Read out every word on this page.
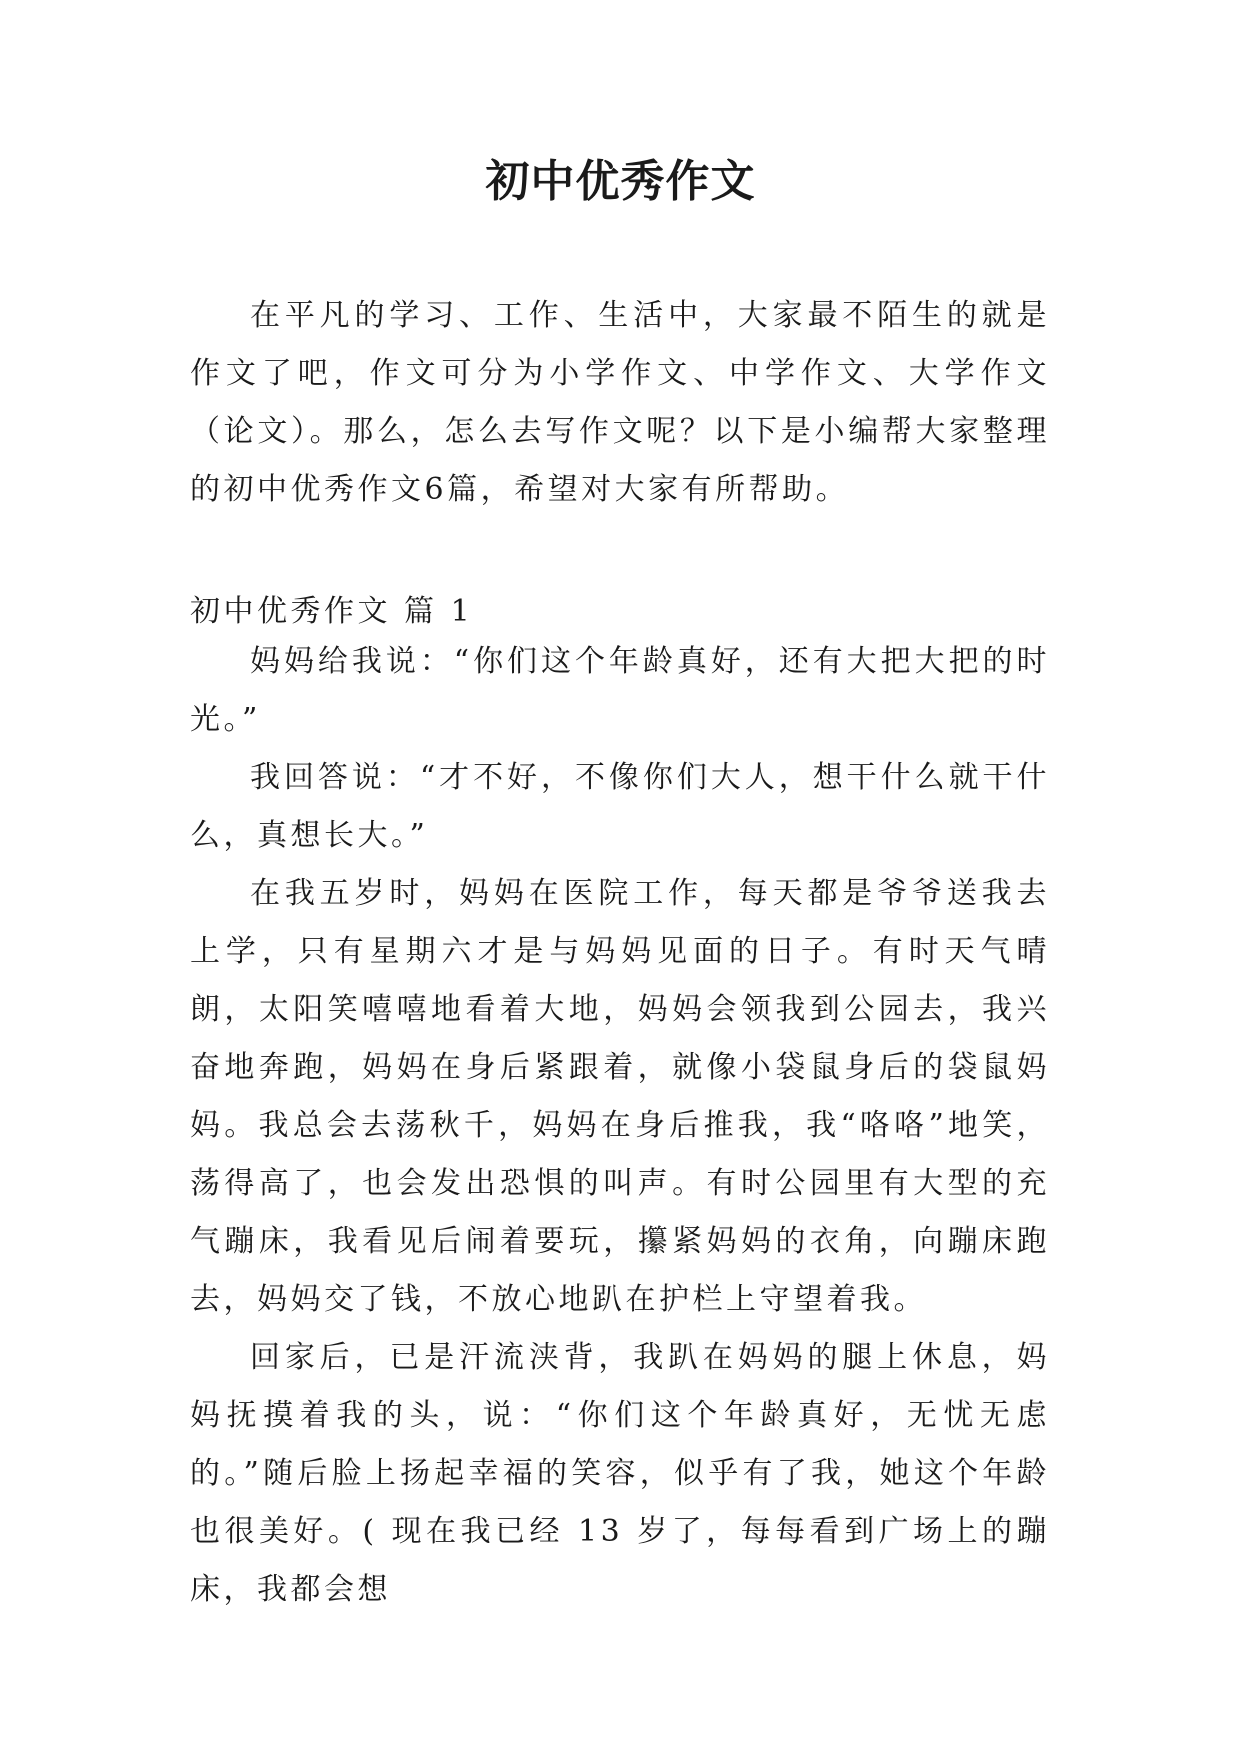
初中优秀作文

在平凡的学习、工作、生活中，大家最不陌生的就是作文了吧，作文可分为小学作文、中学作文、大学作文（论文）。那么，怎么去写作文呢？以下是小编帮大家整理的初中优秀作文6篇，希望对大家有所帮助。

初中优秀作文 篇 1

妈妈给我说：“你们这个年龄真好，还有大把大把的时光。”

我回答说：“才不好，不像你们大人，想干什么就干什么，真想长大。”

在我五岁时，妈妈在医院工作，每天都是爷爷送我去上学，只有星期六才是与妈妈见面的日子。有时天气晴朗，太阳笑嘻嘻地看着大地，妈妈会领我到公园去，我兴奋地奔跑，妈妈在身后紧跟着，就像小袋鼠身后的袋鼠妈妈。我总会去荡秋千，妈妈在身后推我，我“咯咯”地笑，荡得高了，也会发出恐惧的叫声。有时公园里有大型的充气蹦床，我看见后闹着要玩，攥紧妈妈的衣角，向蹦床跑去，妈妈交了钱，不放心地趴在护栏上守望着我。

回家后，已是汗流浃背，我趴在妈妈的腿上休息，妈妈抚摸着我的头，说：“你们这个年龄真好，无忧无虑的。”随后脸上扬起幸福的笑容，似乎有了我，她这个年龄也很美好。( 现在我已经 13 岁了，每每看到广场上的蹦床，我都会想
